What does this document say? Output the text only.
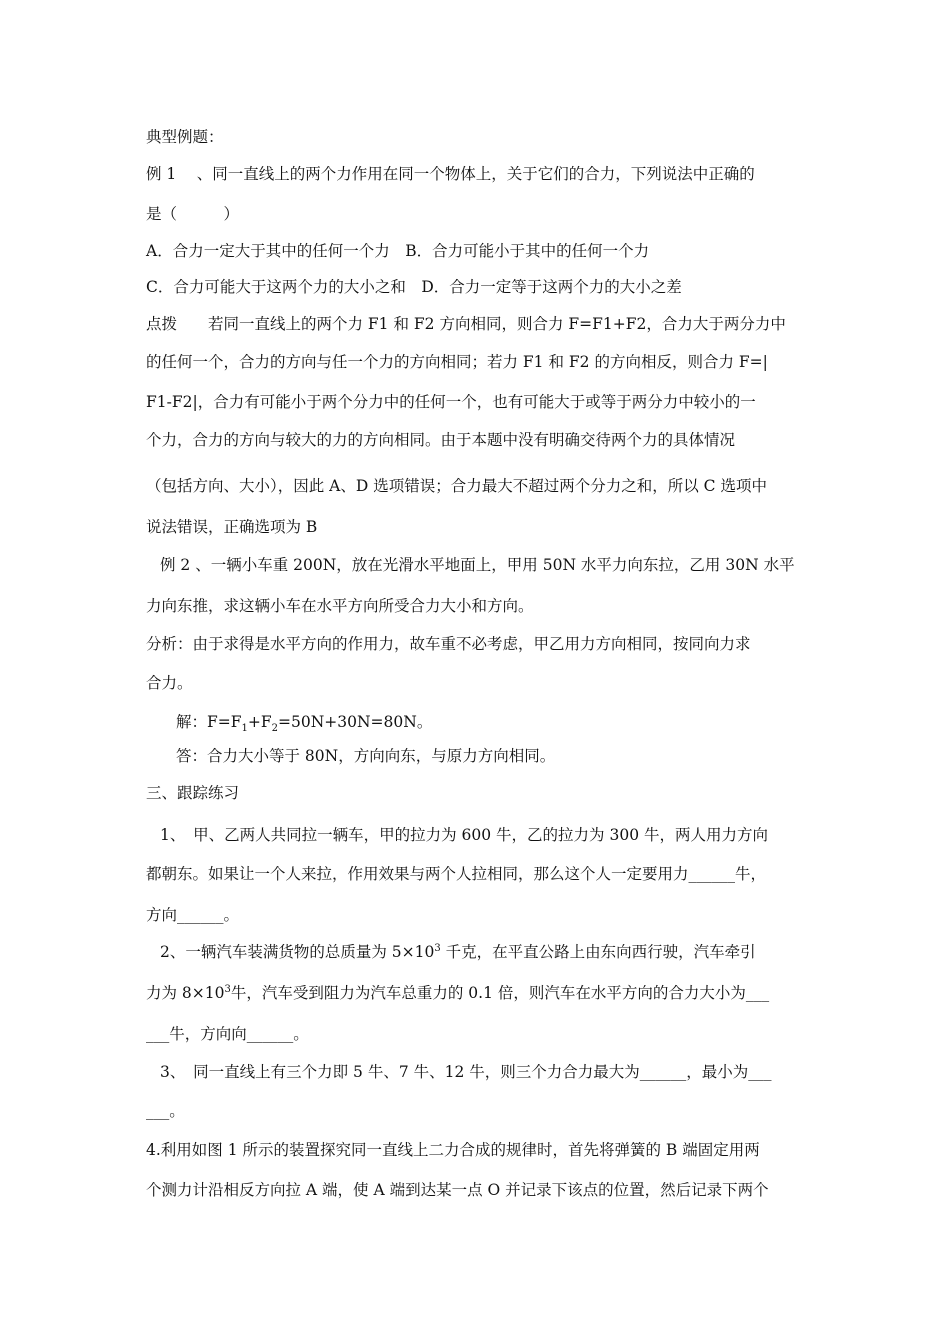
典型例题：
例 1 　、同一直线上的两个力作用在同一个物体上，关于它们的合力，下列说法中正确的
是（　　　）
A．合力一定大于其中的任何一个力　B．合力可能小于其中的任何一个力
C．合力可能大于这两个力的大小之和　D．合力一定等于这两个力的大小之差
点拨　　若同一直线上的两个力 F1 和 F2 方向相同，则合力 F=F1+F2，合力大于两分力中
的任何一个，合力的方向与任一个力的方向相同；若力 F1 和 F2 的方向相反，则合力 F=|
F1-F2|，合力有可能小于两个分力中的任何一个，也有可能大于或等于两分力中较小的一
个力，合力的方向与较大的力的方向相同。由于本题中没有明确交待两个力的具体情况
（包括方向、大小），因此 A、D 选项错误；合力最大不超过两个分力之和，所以 C 选项中
说法错误，正确选项为 B
例 2 、一辆小车重 200N，放在光滑水平地面上，甲用 50N 水平力向东拉，乙用 30N 水平
力向东推，求这辆小车在水平方向所受合力大小和方向。
分析：由于求得是水平方向的作用力，故车重不必考虑，甲乙用力方向相同，按同向力求
合力。
解：$F=F_1+F_2=50N+30N=80N$。
答：合力大小等于 80N，方向向东，与原力方向相同。
三、跟踪练习
1、　甲、乙两人共同拉一辆车，甲的拉力为 600 牛，乙的拉力为 300 牛，两人用力方向
都朝东。如果让一个人来拉，作用效果与两个人拉相同，那么这个人一定要用力______牛，
方向______。
2、一辆汽车装满货物的总质量为 $5\times 10^3$ 千克，在平直公路上由东向西行驶，汽车牵引
力为 $8\times 10^3$牛，汽车受到阻力为汽车总重力的 0.1 倍，则汽车在水平方向的合力大小为___
___牛，方向向______。
3、　同一直线上有三个力即 5 牛、7 牛、12 牛，则三个力合力最大为______，最小为___
___。
4.利用如图 1 所示的装置探究同一直线上二力合成的规律时，首先将弹簧的 B 端固定用两
个测力计沿相反方向拉 A 端，使 A 端到达某一点 O 并记录下该点的位置，然后记录下两个
